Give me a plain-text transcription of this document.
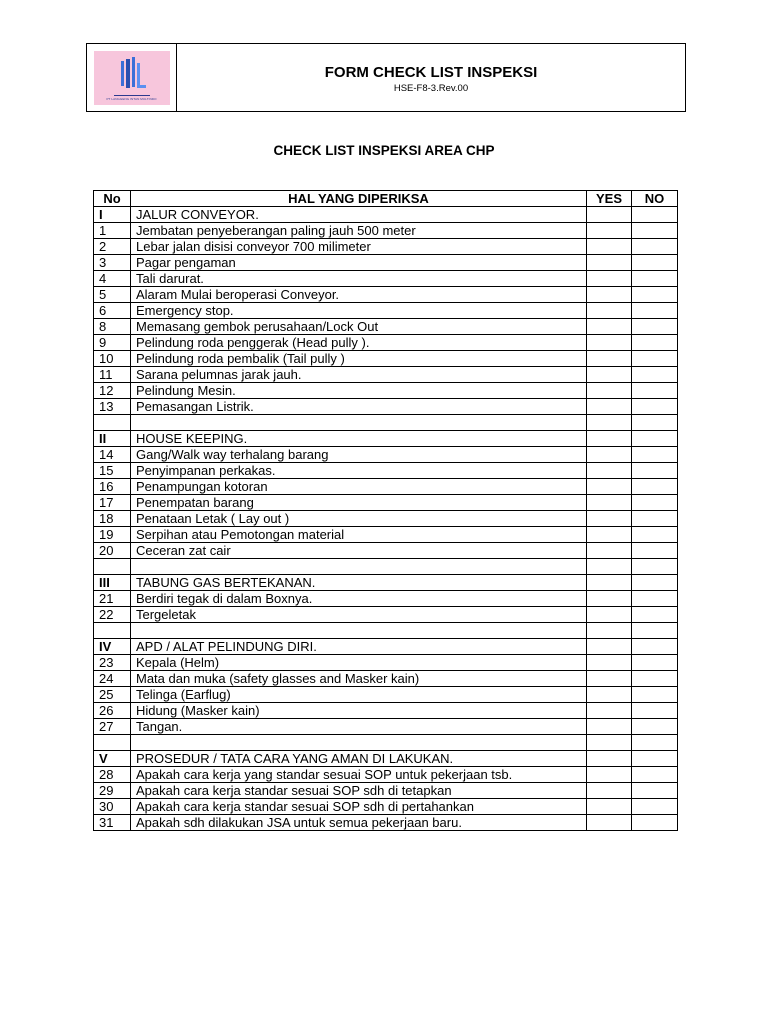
PT LANGGENG INTAN MULTINDO
FORM CHECK LIST INSPEKSI
HSE-F8-3.Rev.00
CHECK LIST INSPEKSI AREA CHP
No	HAL YANG DIPERIKSA	YES	NO
I	JALUR CONVEYOR.		
1	Jembatan penyeberangan paling jauh 500 meter		
2	Lebar jalan disisi conveyor 700 milimeter		
3	Pagar pengaman		
4	Tali darurat.		
5	Alaram Mulai beroperasi Conveyor.		
6	Emergency stop.		
8	Memasang gembok perusahaan/Lock Out		
9	Pelindung roda penggerak (Head pully ).		
10	Pelindung roda pembalik (Tail pully )		
11	Sarana pelumnas jarak jauh.		
12	Pelindung Mesin.		
13	Pemasangan Listrik.		

II	HOUSE KEEPING.		
14	Gang/Walk way terhalang barang		
15	Penyimpanan perkakas.		
16	Penampungan kotoran		
17	Penempatan barang		
18	Penataan Letak ( Lay out )		
19	Serpihan atau Pemotongan material		
20	Ceceran zat cair		

III	TABUNG GAS BERTEKANAN.		
21	Berdiri tegak di dalam Boxnya.		
22	Tergeletak		

IV	APD / ALAT PELINDUNG DIRI.		
23	Kepala (Helm)		
24	Mata dan muka (safety glasses and Masker kain)		
25	Telinga (Earflug)		
26	Hidung (Masker kain)		
27	Tangan.		

V	PROSEDUR / TATA CARA YANG AMAN DI LAKUKAN.		
28	Apakah cara kerja yang standar sesuai SOP untuk pekerjaan tsb.		
29	Apakah cara kerja standar sesuai SOP sdh di tetapkan		
30	Apakah cara kerja standar sesuai SOP sdh di pertahankan		
31	Apakah sdh dilakukan JSA untuk semua pekerjaan baru.		
